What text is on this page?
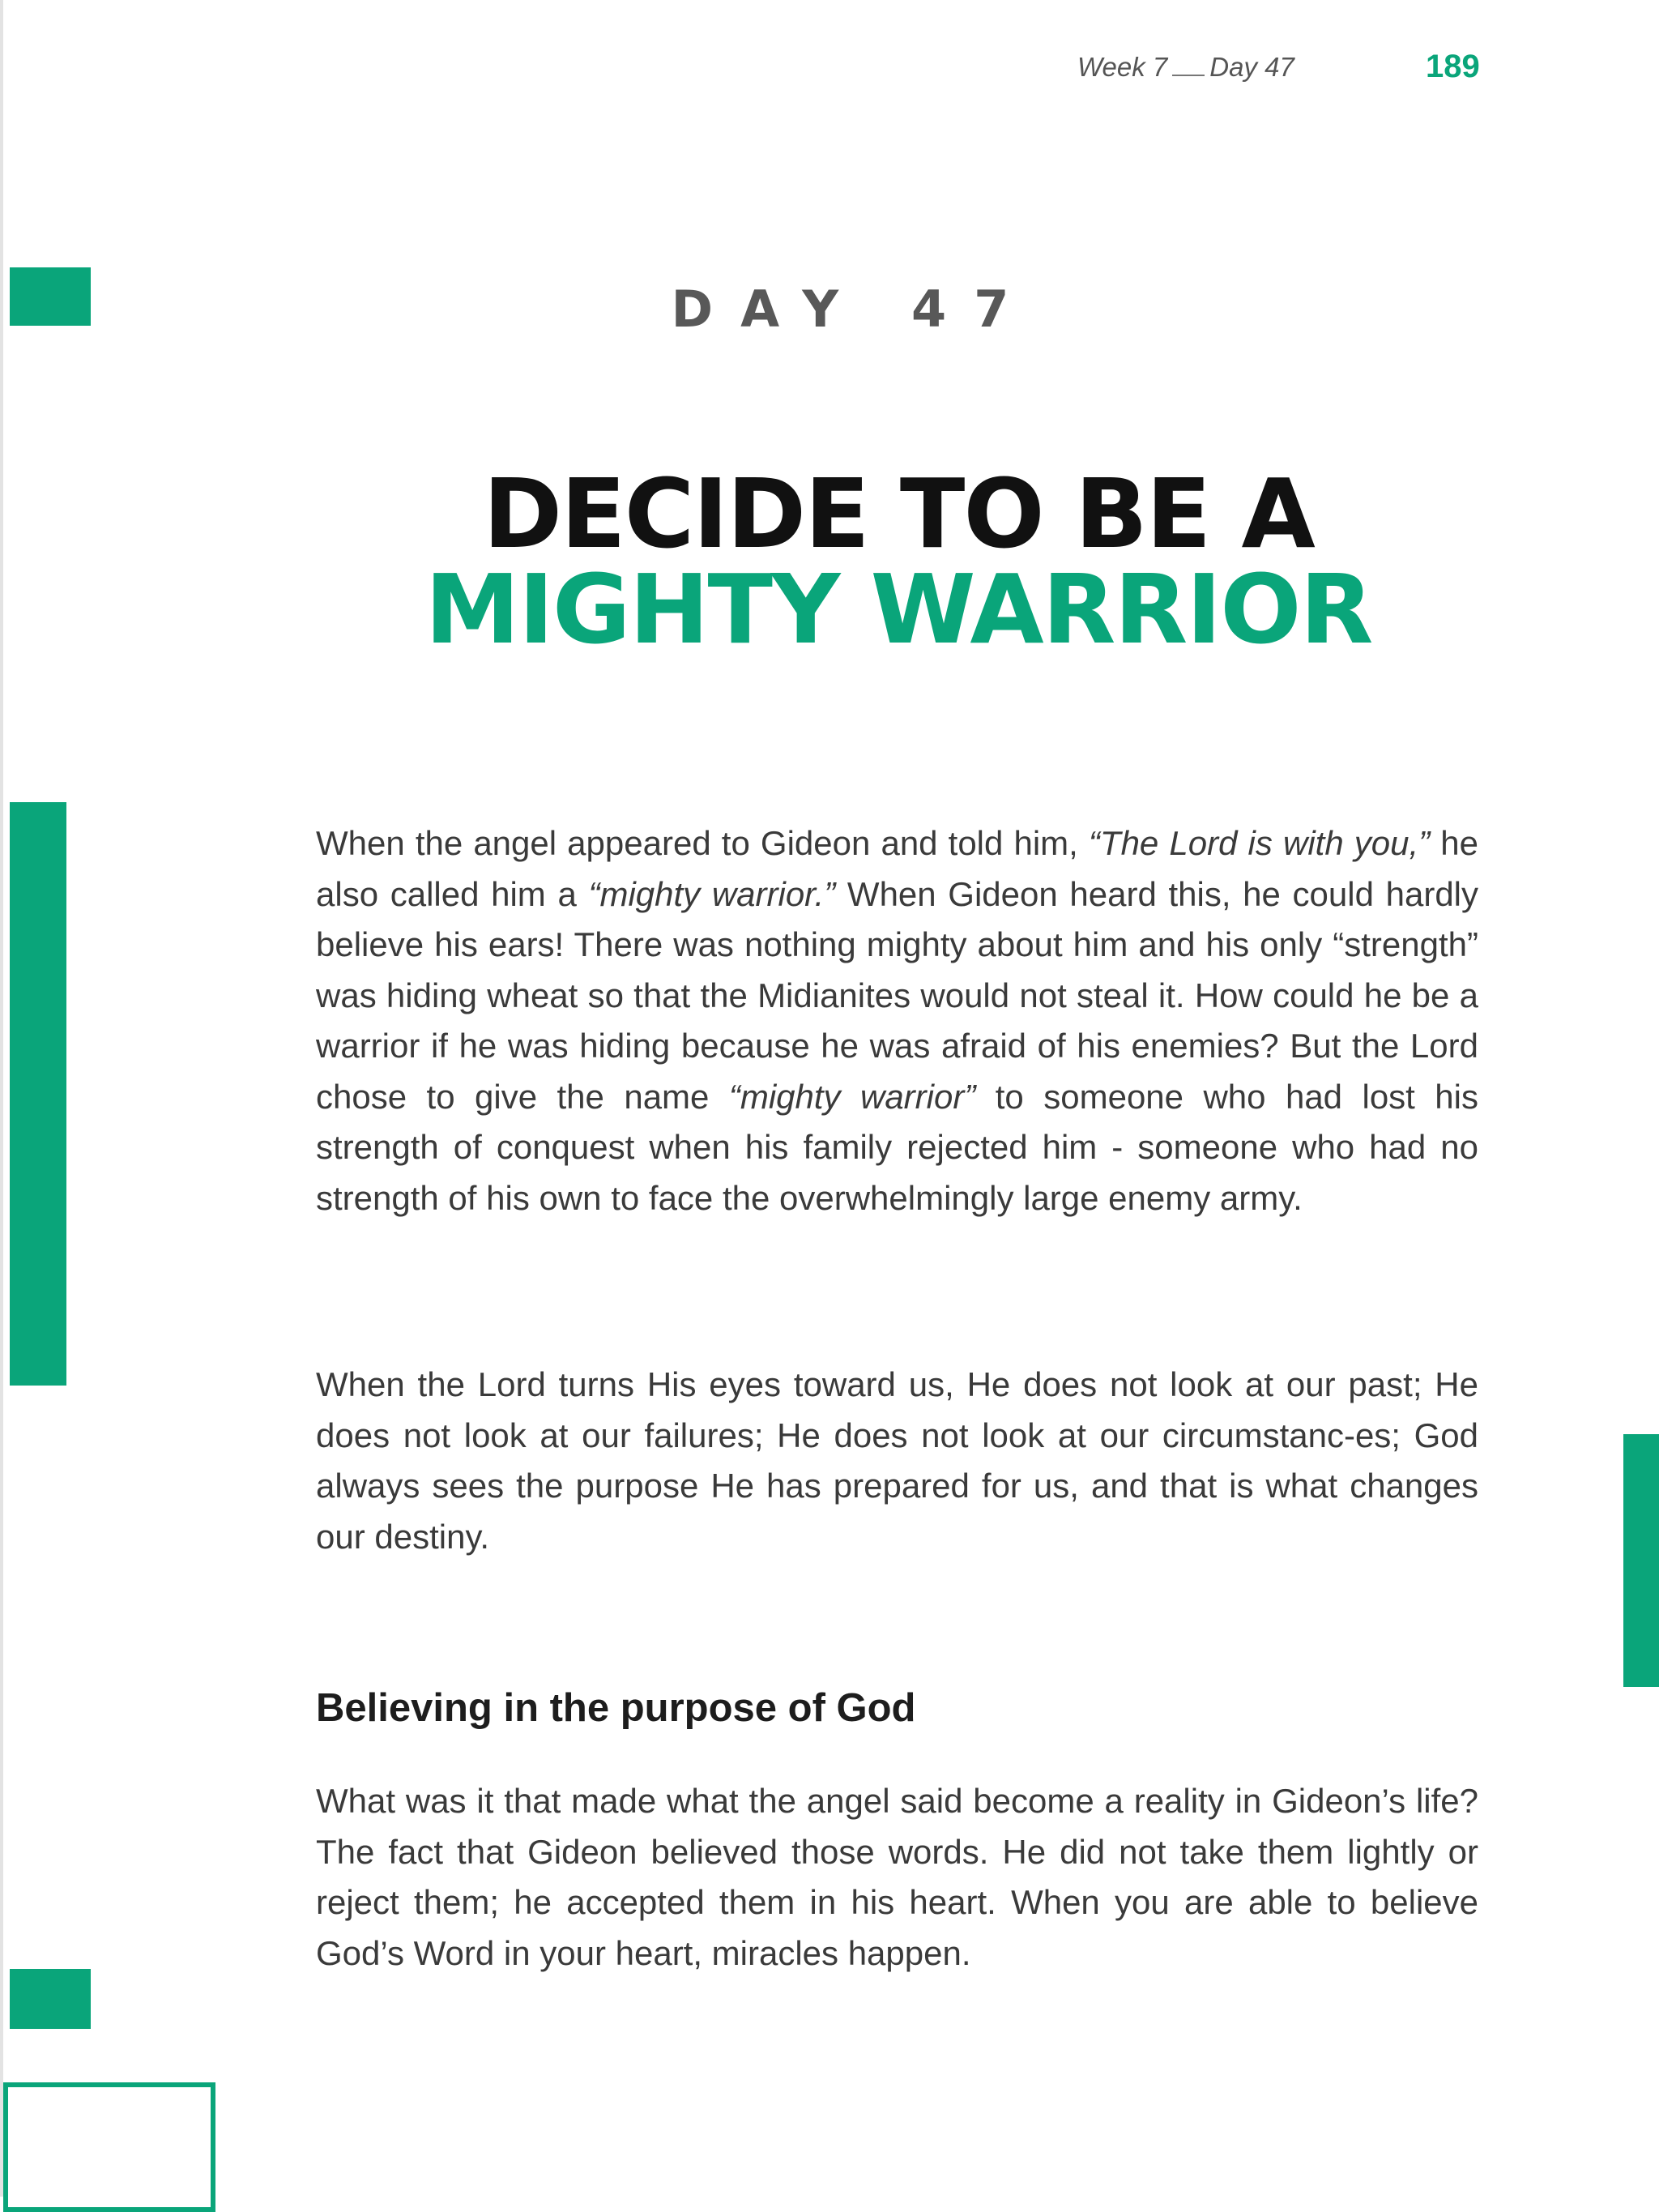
Week 7 Day 47	189
DAY 47
DECIDE TO BE A
MIGHTY WARRIOR

When the angel appeared to Gideon and told him, “The Lord is with you,” he also called him a “mighty warrior.” When Gideon heard this, he could hardly believe his ears! There was nothing mighty about him and his only “strength” was hiding wheat so that the Midianites would not steal it. How could he be a warrior if he was hiding because he was afraid of his enemies? But the Lord chose to give the name “mighty warrior” to someone who had lost his strength of conquest when his family rejected him - someone who had no strength of his own to face the overwhelmingly large enemy army.

When the Lord turns His eyes toward us, He does not look at our past; He does not look at our failures; He does not look at our circumstanc-es; God always sees the purpose He has prepared for us, and that is what changes our destiny.

Believing in the purpose of God

What was it that made what the angel said become a reality in Gideon’s life? The fact that Gideon believed those words. He did not take them lightly or reject them; he accepted them in his heart. When you are able to believe God’s Word in your heart, miracles happen.
